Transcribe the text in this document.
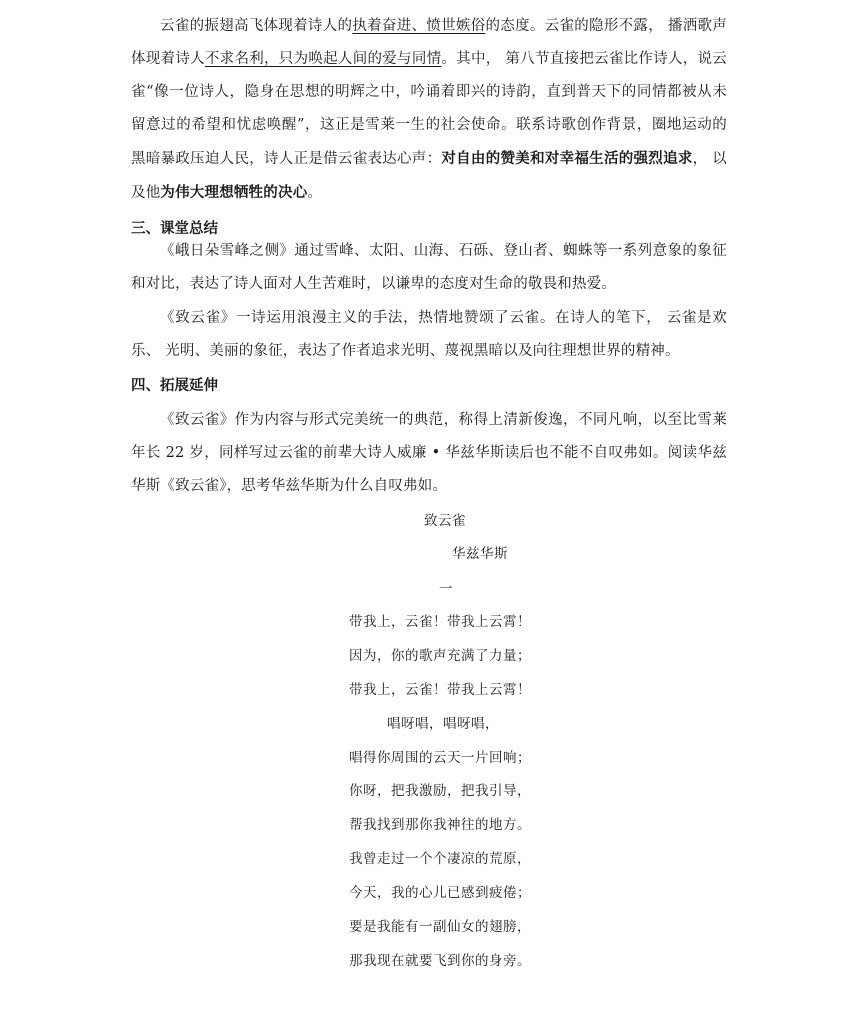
云雀的振翅高飞体现着诗人的执着奋进、愤世嫉俗的态度。云雀的隐形不露， 播洒歌声 体现着诗人不求名利，只为唤起人间的爱与同情。其中， 第八节直接把云雀比作诗人，说云 雀“像一位诗人，隐身在思想的明辉之中，吟诵着即兴的诗韵，直到普天下的同情都被从未 留意过的希望和忧虑唤醒”，这正是雪莱一生的社会使命。联系诗歌创作背景，圈地运动的 黑暗暴政压迫人民，诗人正是借云雀表达心声：对自由的赞美和对幸福生活的强烈追求， 以及他为伟大理想牺牲的决心。
三、课堂总结
《峨日朵雪峰之侧》通过雪峰、太阳、山海、石砾、登山者、蜘蛛等一系列意象的象征 和对比，表达了诗人面对人生苦难时，以谦卑的态度对生命的敬畏和热爱。
《致云雀》一诗运用浪漫主义的手法，热情地赞颂了云雀。在诗人的笔下， 云雀是欢乐、 光明、美丽的象征，表达了作者追求光明、蔑视黑暗以及向往理想世界的精神。
四、拓展延伸
《致云雀》作为内容与形式完美统一的典范，称得上清新俊逸，不同凡响，以至比雪莱 年长 22 岁，同样写过云雀的前辈大诗人威廉 • 华兹华斯读后也不能不自叹弗如。阅读华兹 华斯《致云雀》，思考华兹华斯为什么自叹弗如。
致云雀
华兹华斯
一
带我上，云雀！带我上云霄！
因为，你的歌声充满了力量；
带我上，云雀！带我上云霄！
唱呀唱，唱呀唱，
唱得你周围的云天一片回响；
你呀，把我激励，把我引导，
帮我找到那你我神往的地方。
我曾走过一个个凄凉的荒原，
今天，我的心儿已感到疲倦；
要是我能有一副仙女的翅膀，
那我现在就要飞到你的身旁。
